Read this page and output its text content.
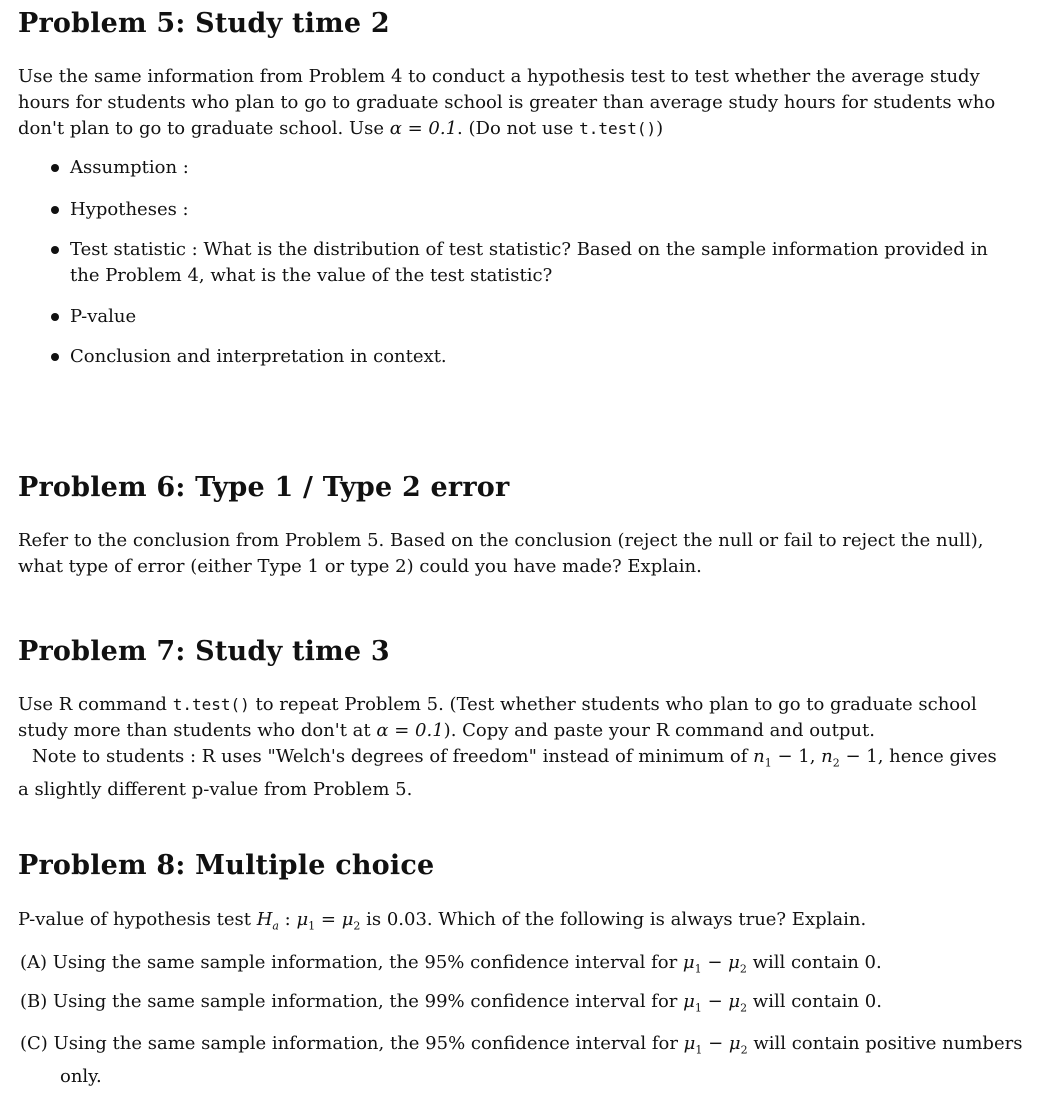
Problem 5: Study time 2

Use the same information from Problem 4 to conduct a hypothesis test to test whether the average study hours for students who plan to go to graduate school is greater than average study hours for students who don't plan to go to graduate school. Use α = 0.1. (Do not use t.test())

Assumption :
Hypotheses :
Test statistic : What is the distribution of test statistic? Based on the sample information provided in the Problem 4, what is the value of the test statistic?
P-value
Conclusion and interpretation in context.
Problem 6: Type 1 / Type 2 error

Refer to the conclusion from Problem 5. Based on the conclusion (reject the null or fail to reject the null), what type of error (either Type 1 or type 2) could you have made? Explain.

Problem 7: Study time 3

Use R command t.test() to repeat Problem 5. (Test whether students who plan to go to graduate school study more than students who don't at α = 0.1). Copy and paste your R command and output.
Note to students : R uses "Welch's degrees of freedom" instead of minimum of $n_1 - 1$, $n_2 - 1$, hence gives a slightly different p-value from Problem 5.

Problem 8: Multiple choice

P-value of hypothesis test $H_a$ : $\mu_1 = \mu_2$ is 0.03. Which of the following is always true? Explain.

(A) Using the same sample information, the 95% confidence interval for $\mu_1 - \mu_2$ will contain 0.
(B) Using the same sample information, the 99% confidence interval for $\mu_1 - \mu_2$ will contain 0.
(C) Using the same sample information, the 95% confidence interval for $\mu_1 - \mu_2$ will contain positive numbers only.
